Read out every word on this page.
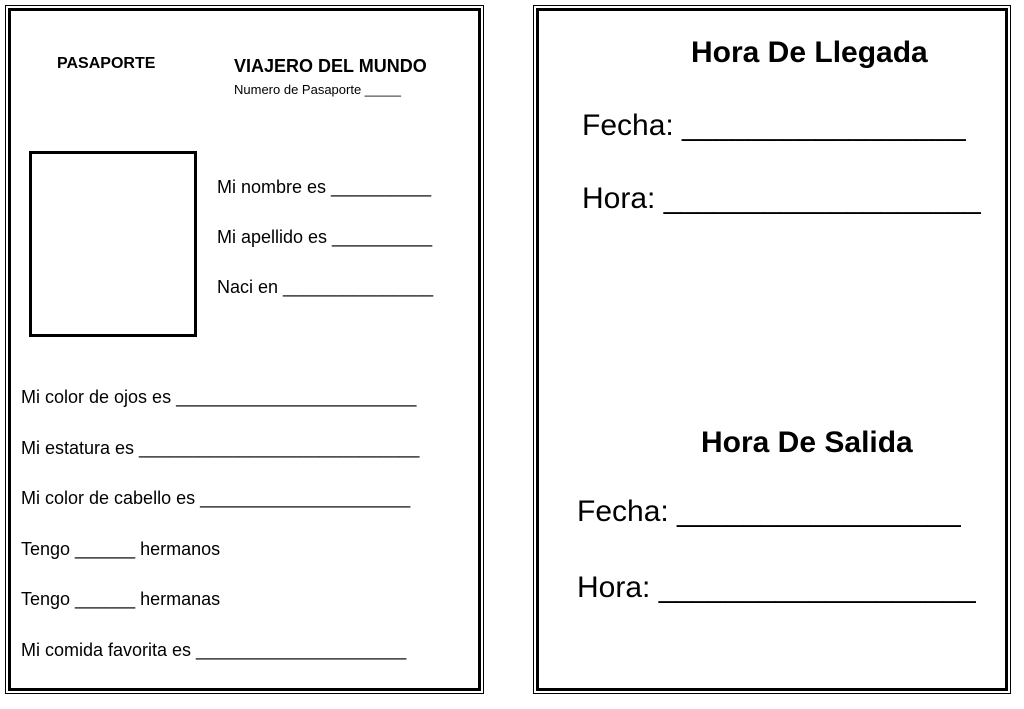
PASAPORTE	VIAJERO DEL MUNDO
Numero de Pasaporte _____
Mi nombre es __________
Mi apellido es __________
Naci en _______________
Mi color de ojos es ________________________
Mi estatura es ____________________________
Mi color de cabello es _____________________
Tengo ______ hermanos
Tengo ______ hermanas
Mi comida favorita es _____________________
Hora De Llegada
Fecha: _________________
Hora: ___________________
Hora De Salida
Fecha: _________________
Hora: ___________________
